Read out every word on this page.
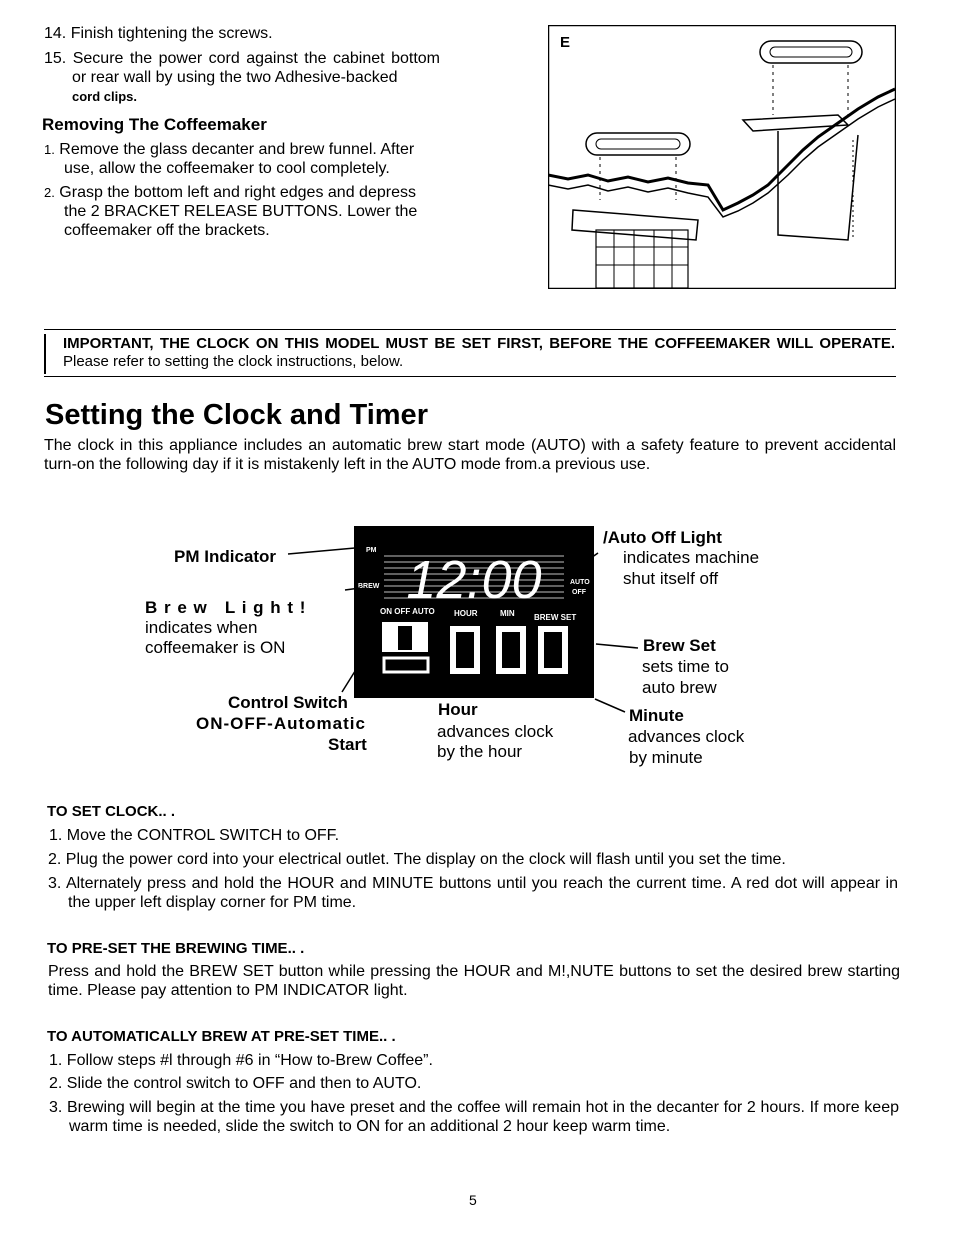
14. Finish tightening the screws.
15. Secure the power cord against the cabinet bottom or rear wall by using the two Adhesive-backed
cord clips.
Removing The Coffeemaker
1. Remove the glass decanter and brew funnel. After use, allow the coffeemaker to cool completely.
2. Grasp the bottom left and right edges and depress the 2 BRACKET RELEASE BUTTONS. Lower the coffeemaker off the brackets.
E
IMPORTANT, THE CLOCK ON THIS MODEL MUST BE SET FIRST, BEFORE THE COFFEEMAKER WILL OPERATE. Please refer to setting the clock instructions, below.
Setting the Clock and Timer
The clock in this appliance includes an automatic brew start mode (AUTO) with a safety feature to prevent accidental turn-on the following day if it is mistakenly left in the AUTO mode from.a previous use.
PM
BREW
AUTO
OFF
12:00
ON OFF AUTO HOUR	MIN BREW SET
PM Indicator
B r e w   L i g h t !
indicates when
coffeemaker is ON
Control Switch
ON-OFF-Automatic
Start
Hour
advances clock
by the hour
/Auto Off Light
indicates machine
shut itself off
Brew Set
sets time to
auto brew
Minute
advances clock
by minute
TO SET CLOCK.. .
1. Move the CONTROL SWITCH to OFF.
2. Plug the power cord into your electrical outlet. The display on the clock will flash until you set the time.
3. Alternately press and hold the HOUR and MINUTE buttons until you reach the current time. A red dot will appear in the upper left display corner for PM time.
TO PRE-SET THE BREWING TIME.. .
Press and hold the BREW SET button while pressing the HOUR and M!,NUTE buttons to set the desired brew starting time. Please pay attention to PM INDICATOR light.
TO AUTOMATICALLY BREW AT PRE-SET TIME.. .
1. Follow steps #l through #6 in “How to-Brew Coffee”.
2. Slide the control switch to OFF and then to AUTO.
3. Brewing will begin at the time you have preset and the coffee will remain hot in the decanter for 2 hours. If more keep warm time is needed, slide the switch to ON for an additional 2 hour keep warm time.
5
